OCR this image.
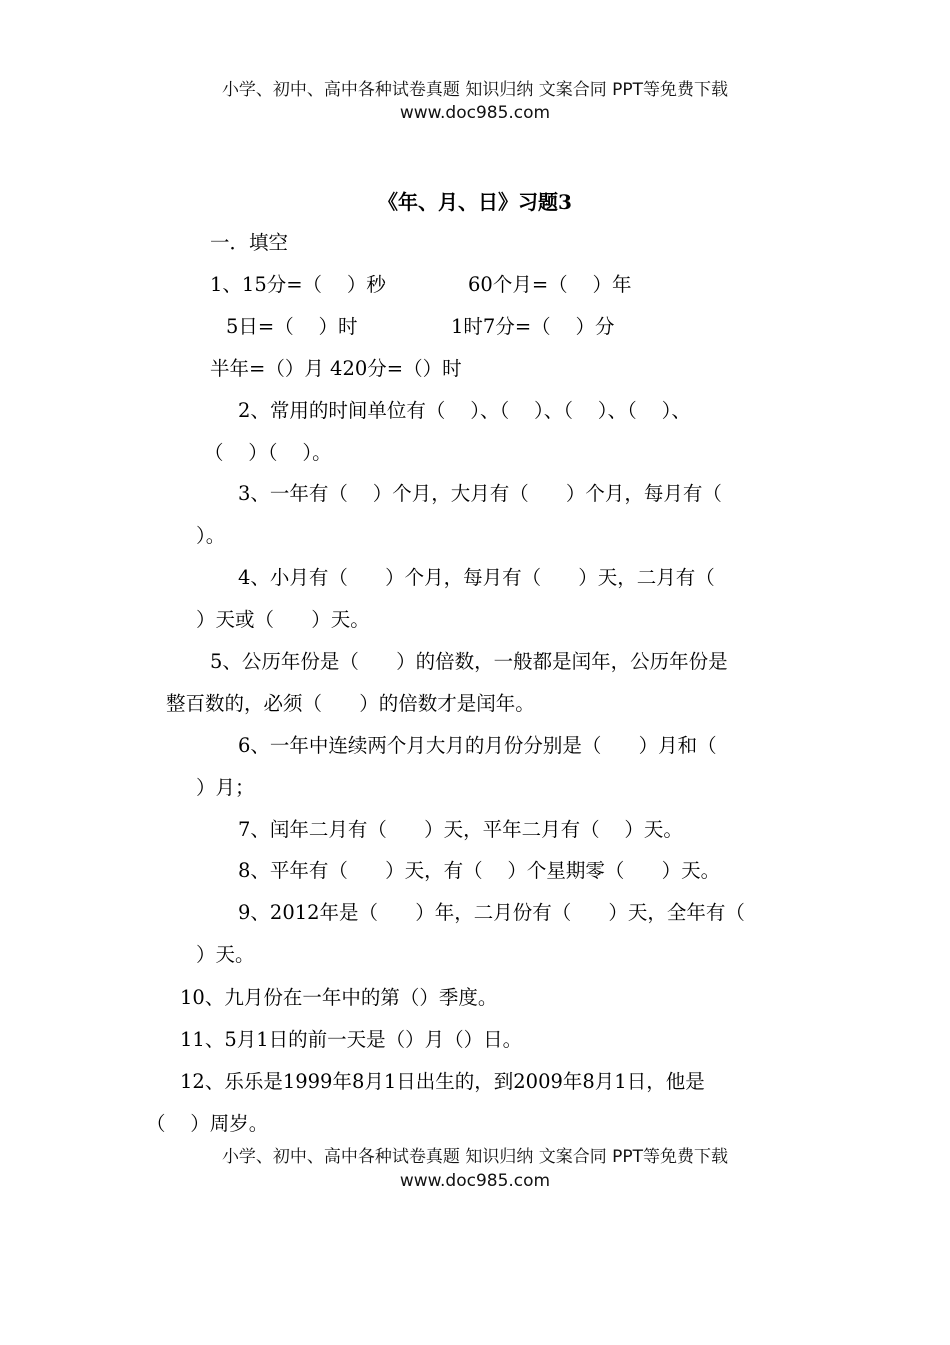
小学、初中、高中各种试卷真题 知识归纳 文案合同 PPT等免费下载
www.doc985.com
《年、月、日》习题3
一．填空
1、15分=（    ）秒	60个月=（    ）年
5日=（    ）时	1时7分=（    ）分
半年=（）月 420分=（）时
2、常用的时间单位有（    ）、（    ）、（    ）、（    ）、
（    ）（    ）。
3、一年有（    ）个月，大月有（      ）个月，每月有（
）。
4、小月有（      ）个月，每月有（      ）天，二月有（
）天或（      ）天。
5、公历年份是（      ）的倍数，一般都是闰年，公历年份是
整百数的，必须（      ）的倍数才是闰年。
6、一年中连续两个月大月的月份分别是（      ）月和（
）月；
7、闰年二月有（      ）天，平年二月有（    ）天。
8、平年有（      ）天，有（    ）个星期零（      ）天。
9、2012年是（      ）年，二月份有（      ）天，全年有（
）天。
10、九月份在一年中的第（）季度。
11、5月1日的前一天是（）月（）日。
12、乐乐是1999年8月1日出生的，到2009年8月1日，他是
（    ）周岁。
小学、初中、高中各种试卷真题 知识归纳 文案合同 PPT等免费下载
www.doc985.com
